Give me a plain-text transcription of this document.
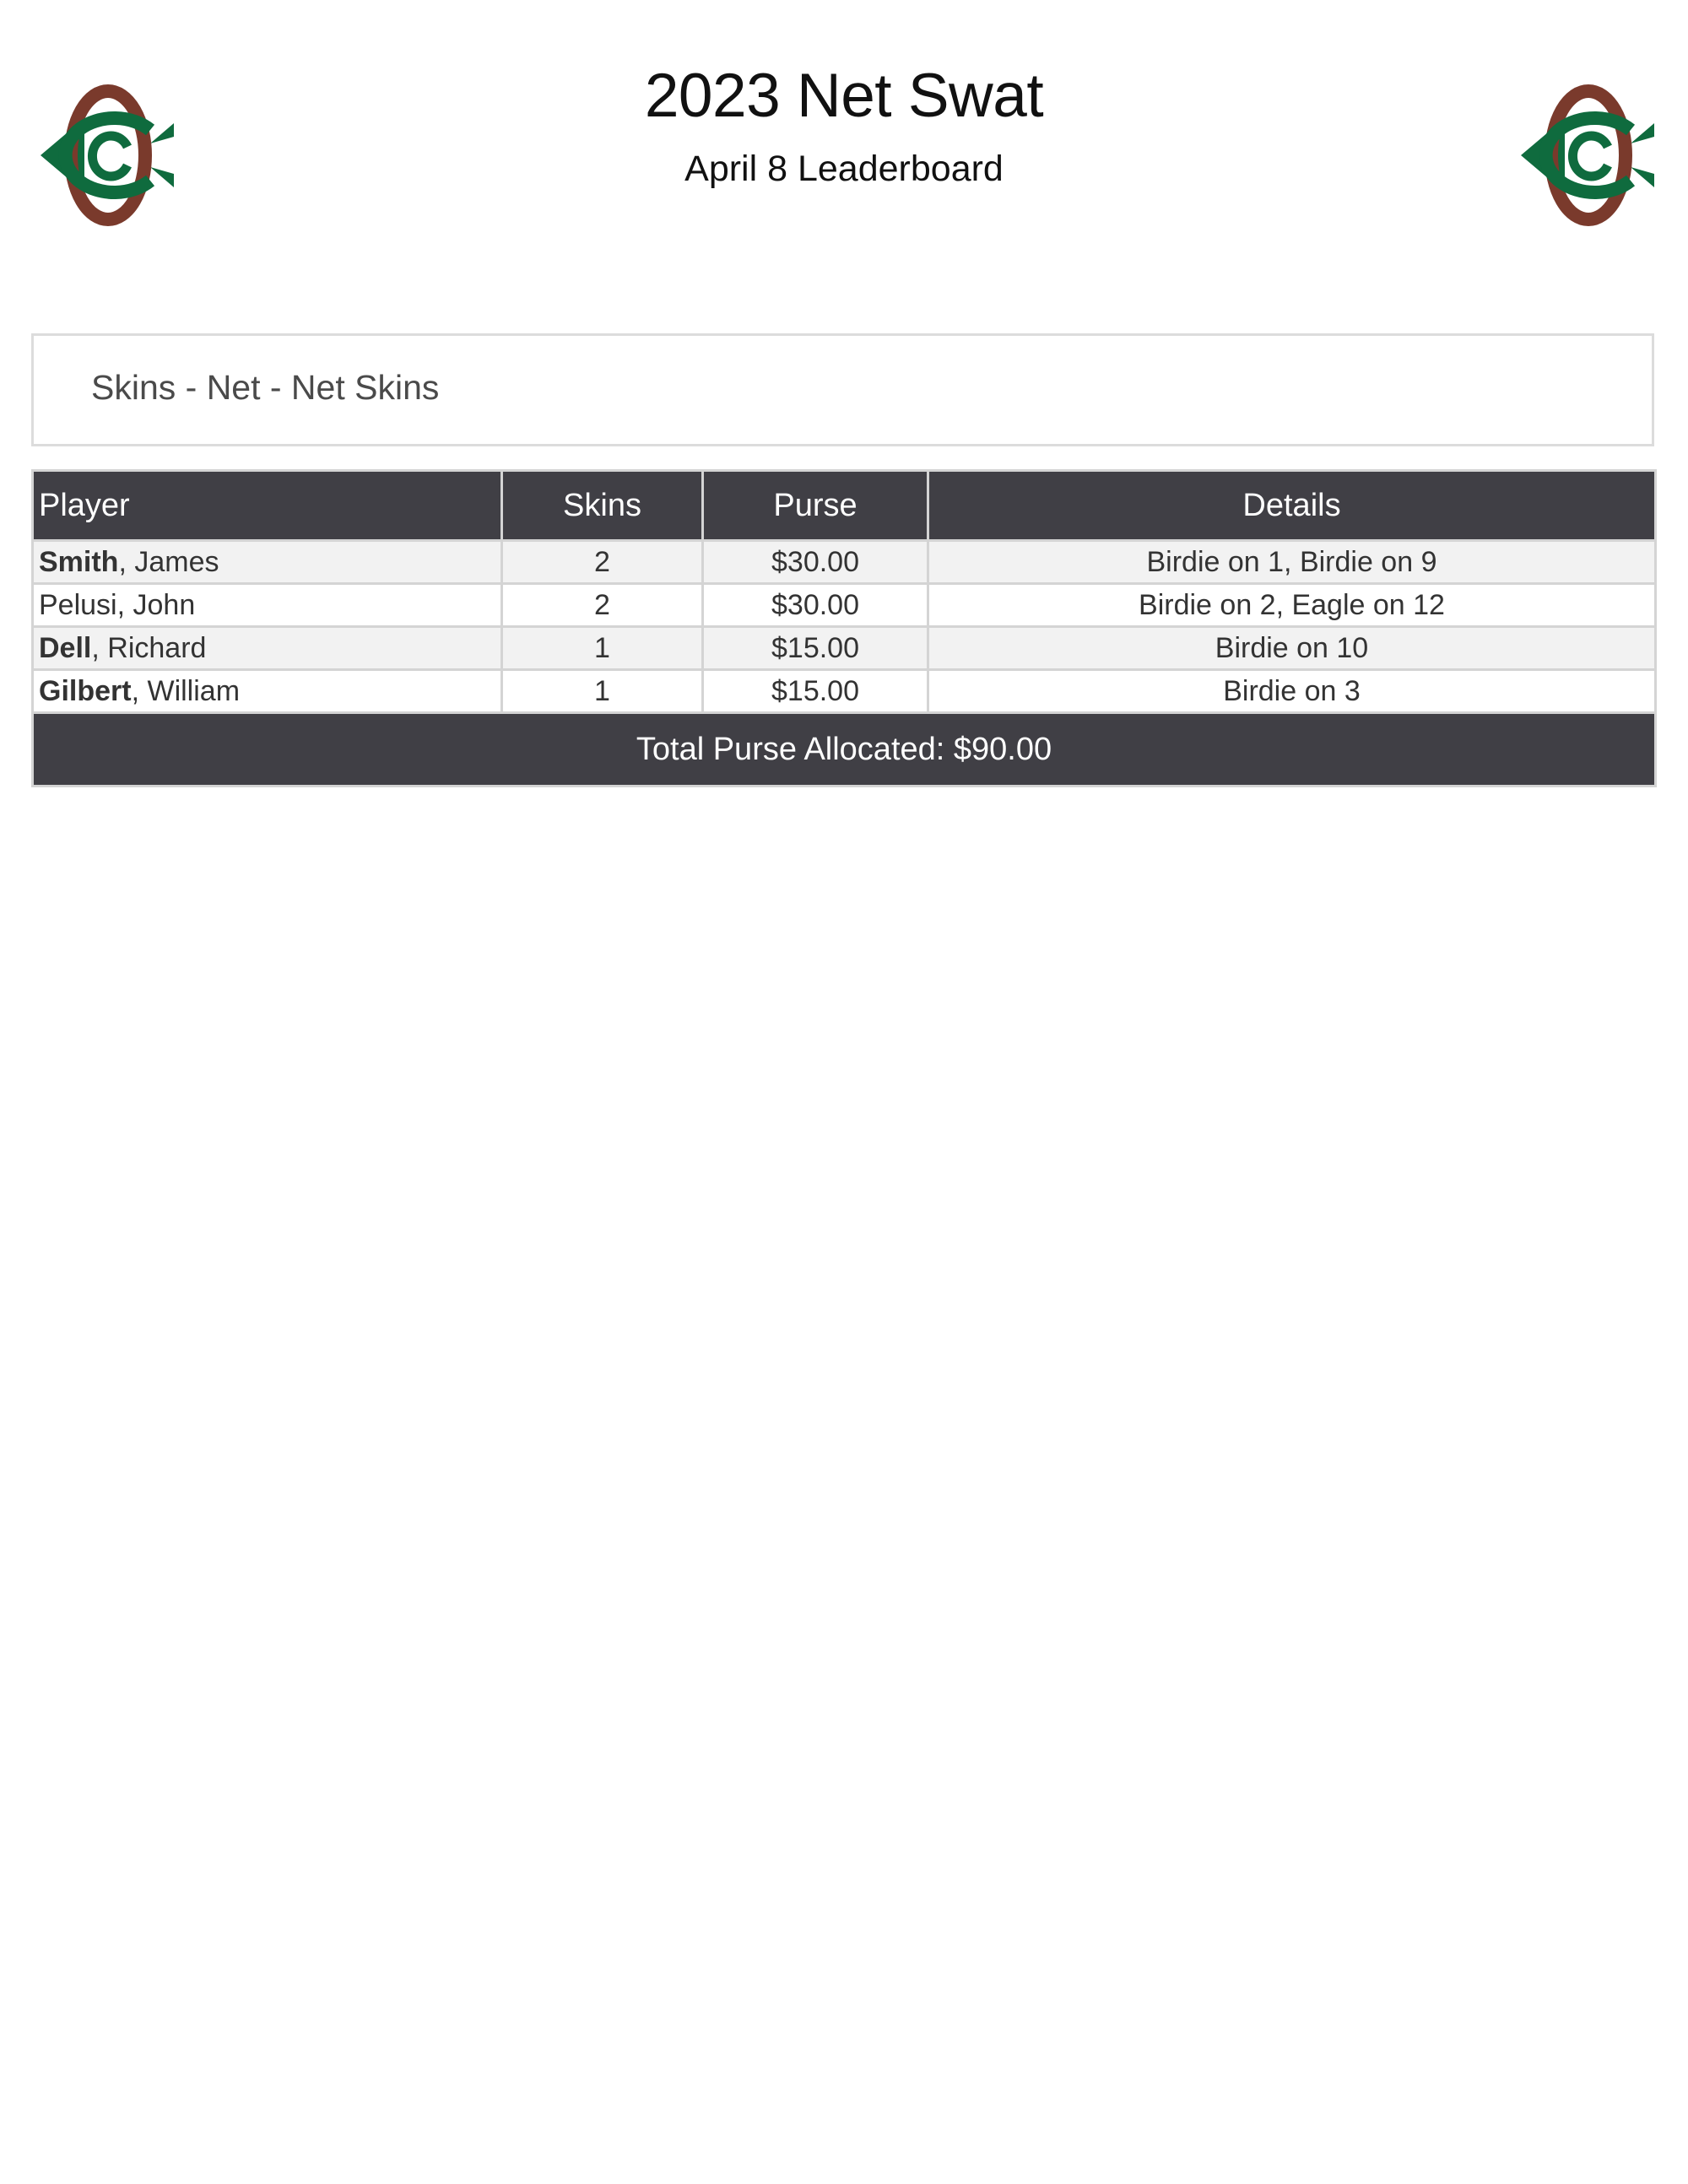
2023 Net Swat
April 8 Leaderboard
Skins - Net - Net Skins
Player	Skins	Purse	Details
Smith, James	2	$30.00	Birdie on 1, Birdie on 9
Pelusi, John	2	$30.00	Birdie on 2, Eagle on 12
Dell, Richard	1	$15.00	Birdie on 10
Gilbert, William	1	$15.00	Birdie on 3
Total Purse Allocated: $90.00			
